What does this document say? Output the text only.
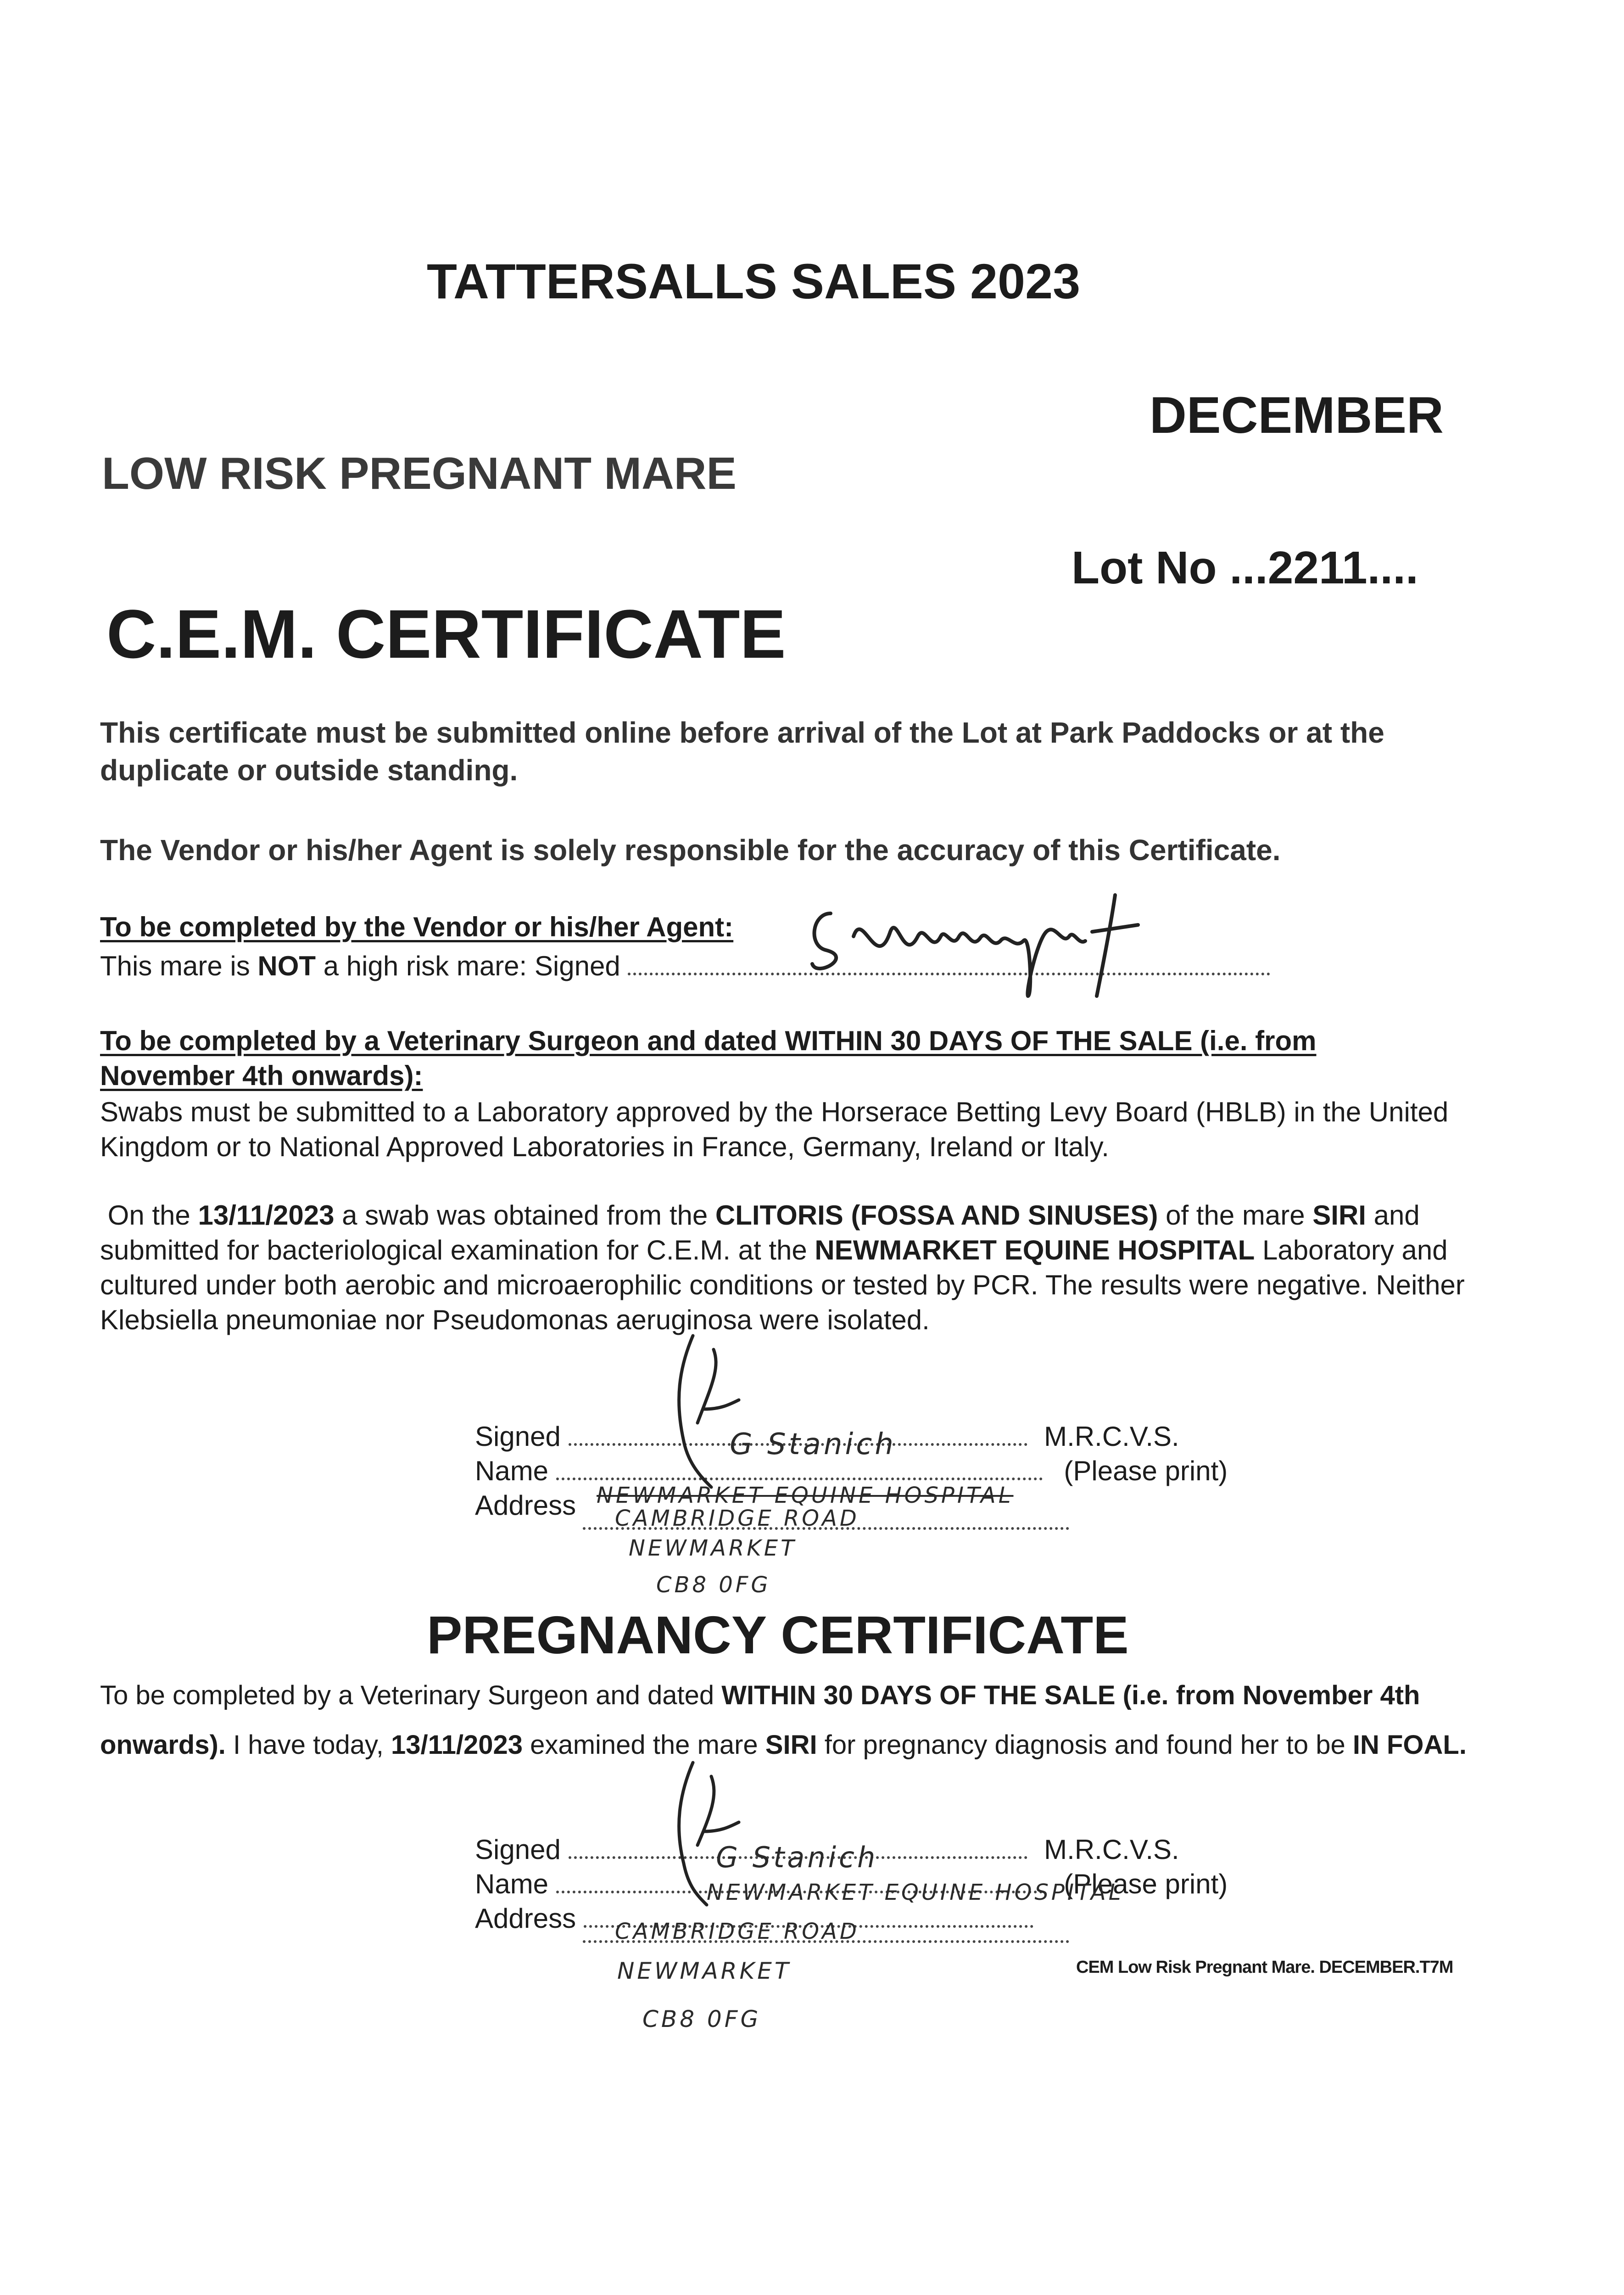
TATTERSALLS SALES 2023
DECEMBER
LOW RISK PREGNANT MARE
Lot No ...2211....
C.E.M. CERTIFICATE
This certificate must be submitted online before arrival of the Lot at Park Paddocks or at the duplicate or outside standing.
The Vendor or his/her Agent is solely responsible for the accuracy of this Certificate.
To be completed by the Vendor or his/her Agent:
This mare is NOT a high risk mare: Signed
S Wainwright
To be completed by a Veterinary Surgeon and dated WITHIN 30 DAYS OF THE SALE (i.e. from November 4th onwards):
Swabs must be submitted to a Laboratory approved by the Horserace Betting Levy Board (HBLB) in the United Kingdom or to National Approved Laboratories in France, Germany, Ireland or Italy.
On the 13/11/2023 a swab was obtained from the CLITORIS (FOSSA AND SINUSES) of the mare SIRI and submitted for bacteriological examination for C.E.M. at the NEWMARKET EQUINE HOSPITAL Laboratory and cultured under both aerobic and microaerophilic conditions or tested by PCR. The results were negative. Neither Klebsiella pneumoniae nor Pseudomonas aeruginosa were isolated.
Signed	M.R.C.V.S.
Name	(Please print)
Address
G Stanich
NEWMARKET EQUINE HOSPITAL
CAMBRIDGE ROAD
NEWMARKET
CB8 0FG
PREGNANCY CERTIFICATE
To be completed by a Veterinary Surgeon and dated WITHIN 30 DAYS OF THE SALE (i.e. from November 4th onwards). I have today, 13/11/2023 examined the mare SIRI for pregnancy diagnosis and found her to be IN FOAL.
Signed	M.R.C.V.S.
Name	(Please print)
Address
G Stanich
NEWMARKET EQUINE HOSPITAL
CAMBRIDGE ROAD
NEWMARKET
CB8 0FG
CEM Low Risk Pregnant Mare. DECEMBER.T7M
